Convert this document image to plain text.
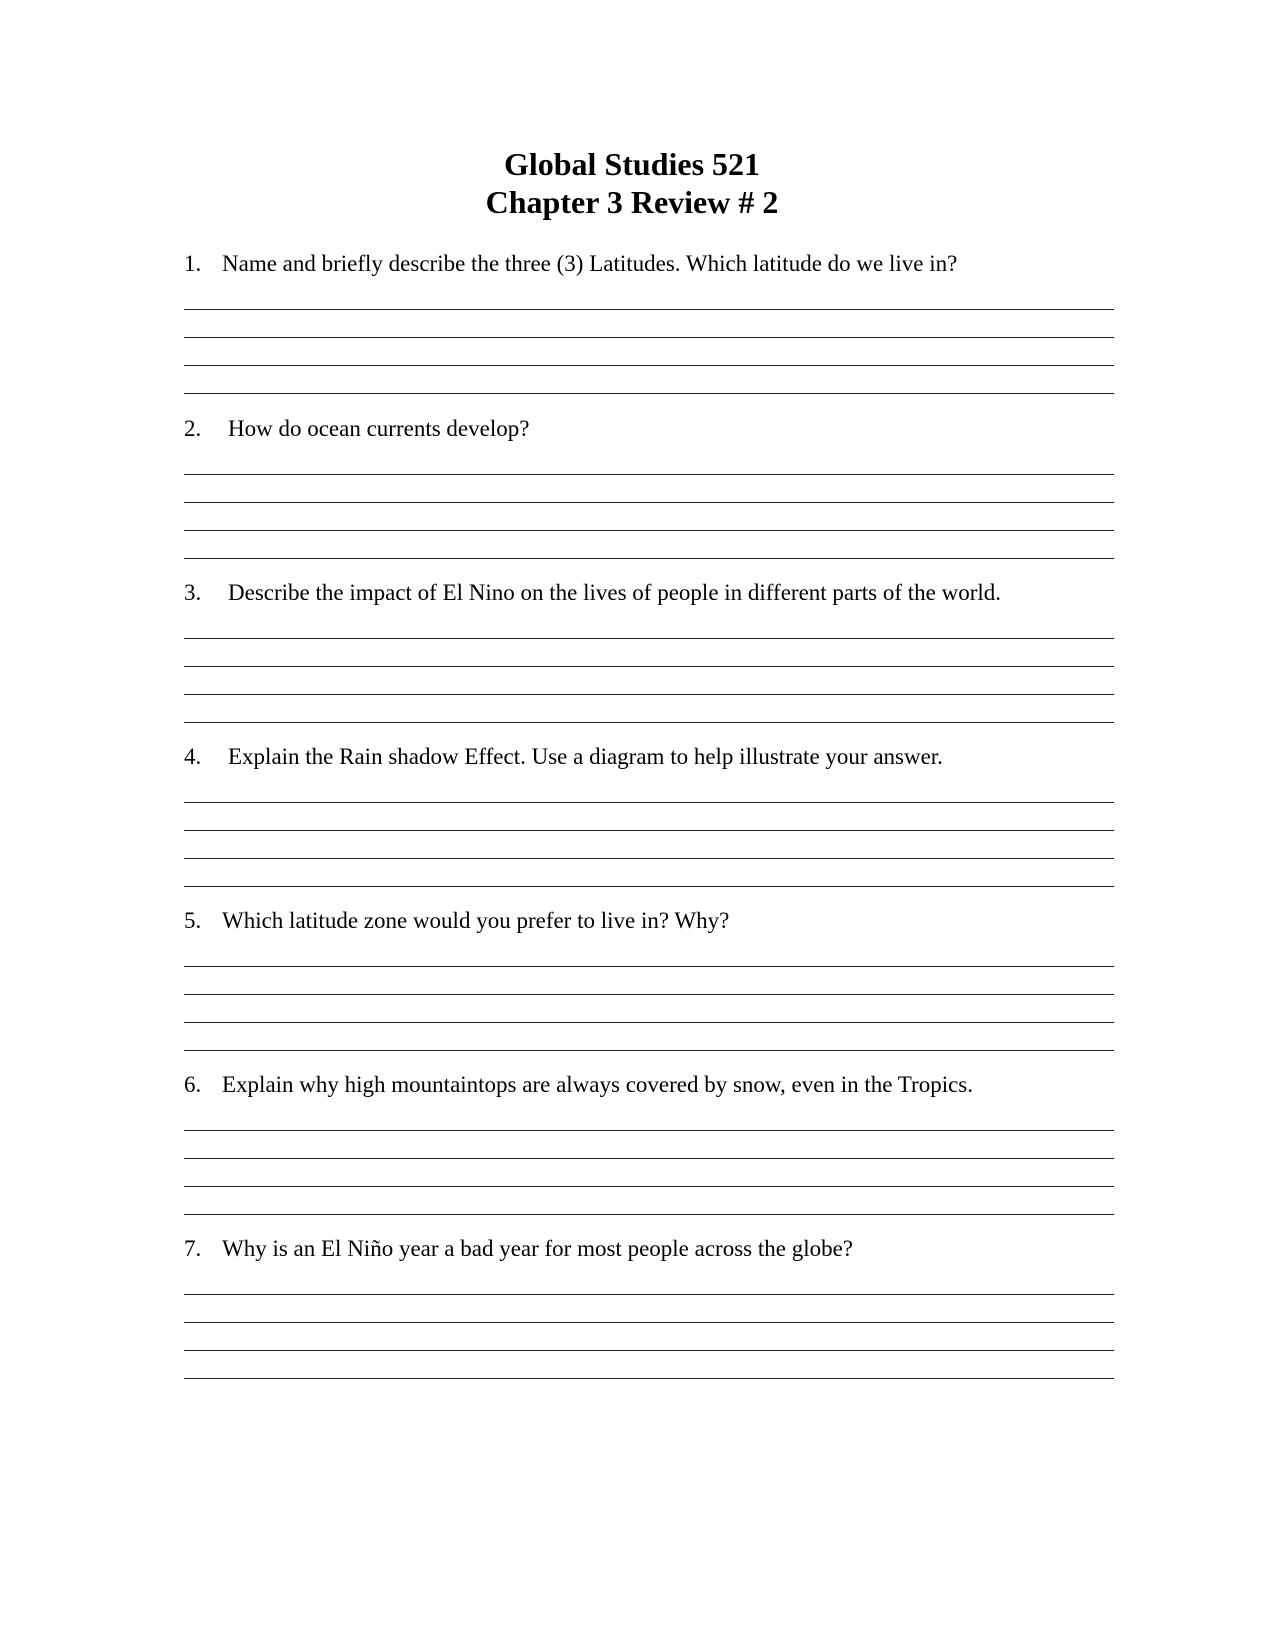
Global Studies 521

Chapter 3 Review # 2

1. Name and briefly describe the three (3) Latitudes. Which latitude do we live in?
2.	How do ocean currents develop?
3.	Describe the impact of El Nino on the lives of people in different parts of the world.
4.	Explain the Rain shadow Effect. Use a diagram to help illustrate your answer.
5. Which latitude zone would you prefer to live in? Why?
6. Explain why high mountaintops are always covered by snow, even in the Tropics.
7. Why is an El Niño year a bad year for most people across the globe?
